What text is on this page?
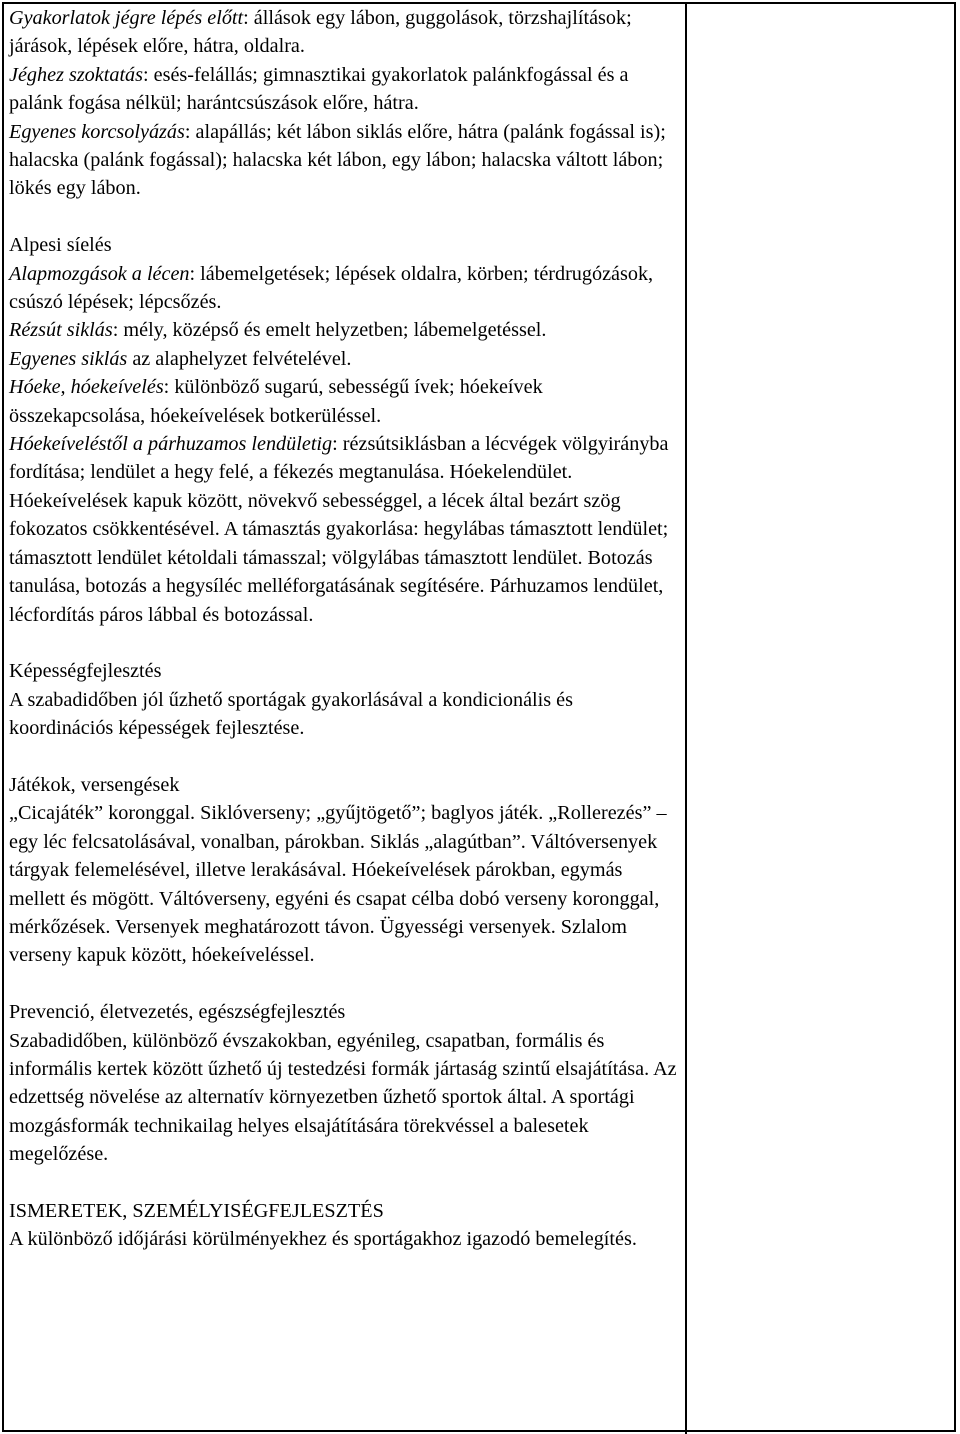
Gyakorlatok jégre lépés előtt: állások egy lábon, guggolások, törzshajlítások; járások, lépések előre, hátra, oldalra.

Jéghez szoktatás: esés-felállás; gimnasztikai gyakorlatok palánkfogással és a palánk fogása nélkül; harántcsúszások előre, hátra.

Egyenes korcsolyázás: alapállás; két lábon siklás előre, hátra (palánk fogással is); halacska (palánk fogással); halacska két lábon, egy lábon; halacska váltott lábon; lökés egy lábon.

Alpesi síelés

Alapmozgások a lécen: lábemelgetések; lépések oldalra, körben; térdrugózások, csúszó lépések; lépcsőzés.

Rézsút siklás: mély, középső és emelt helyzetben; lábemelgetéssel.

Egyenes siklás az alaphelyzet felvételével.

Hóeke, hóekeívelés: különböző sugarú, sebességű ívek; hóekeívek összekapcsolása, hóekeívelések botkerüléssel.

Hóekeíveléstől a párhuzamos lendületig: rézsútsiklásban a lécvégek völgyirányba fordítása; lendület a hegy felé, a fékezés megtanulása. Hóekelendület. Hóekeívelések kapuk között, növekvő sebességgel, a lécek által bezárt szög fokozatos csökkentésével. A támasztás gyakorlása: hegylábas támasztott lendület; támasztott lendület kétoldali támasszal; völgylábas támasztott lendület. Botozás tanulása, botozás a hegysíléc melléforgatásának segítésére. Párhuzamos lendület, lécfordítás páros lábbal és botozással.

Képességfejlesztés

A szabadidőben jól űzhető sportágak gyakorlásával a kondicionális és koordinációs képességek fejlesztése.

Játékok, versengések

„Cicajáték” koronggal. Siklóverseny; „gyűjtögető”; baglyos játék. „Rollerezés” – egy léc felcsatolásával, vonalban, párokban. Siklás „alagútban”. Váltóversenyek tárgyak felemelésével, illetve lerakásával. Hóekeívelések párokban, egymás mellett és mögött. Váltóverseny, egyéni és csapat célba dobó verseny koronggal, mérkőzések. Versenyek meghatározott távon. Ügyességi versenyek. Szlalom verseny kapuk között, hóekeíveléssel.

Prevenció, életvezetés, egészségfejlesztés

Szabadidőben, különböző évszakokban, egyénileg, csapatban, formális és informális kertek között űzhető új testedzési formák jártaság szintű elsajátítása. Az edzettség növelése az alternatív környezetben űzhető sportok által. A sportági mozgásformák technikailag helyes elsajátítására törekvéssel a balesetek megelőzése.

ISMERETEK, SZEMÉLYISÉGFEJLESZTÉS

A különböző időjárási körülményekhez és sportágakhoz igazodó bemelegítés.
